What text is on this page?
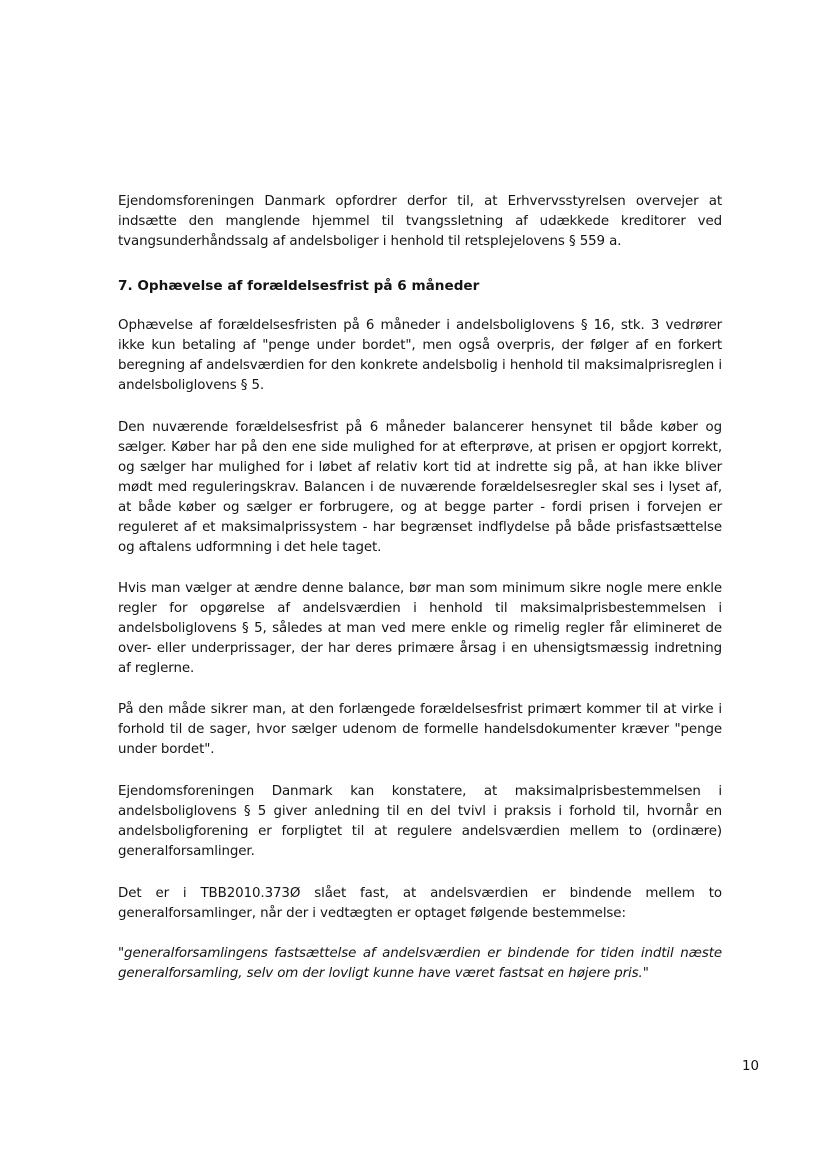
Ejendomsforeningen Danmark opfordrer derfor til, at Erhvervsstyrelsen overvejer at indsætte den manglende hjemmel til tvangssletning af udækkede kreditorer ved tvangsunderhåndssalg af andelsboliger i henhold til retsplejelovens § 559 a.

7. Ophævelse af forældelsesfrist på 6 måneder

Ophævelse af forældelsesfristen på 6 måneder i andelsboliglovens § 16, stk. 3 vedrører ikke kun betaling af "penge under bordet", men også overpris, der følger af en forkert beregning af andelsværdien for den konkrete andelsbolig i henhold til maksimalprisreglen i andelsboliglovens § 5.

Den nuværende forældelsesfrist på 6 måneder balancerer hensynet til både køber og sælger. Køber har på den ene side mulighed for at efterprøve, at prisen er opgjort korrekt, og sælger har mulighed for i løbet af relativ kort tid at indrette sig på, at han ikke bliver mødt med reguleringskrav. Balancen i de nuværende forældelsesregler skal ses i lyset af, at både køber og sælger er forbrugere, og at begge parter - fordi prisen i forvejen er reguleret af et maksimalprissystem - har begrænset indflydelse på både prisfastsættelse og aftalens udformning i det hele taget.

Hvis man vælger at ændre denne balance, bør man som minimum sikre nogle mere enkle regler for opgørelse af andelsværdien i henhold til maksimalprisbestemmelsen i andelsboliglovens § 5, således at man ved mere enkle og rimelig regler får elimineret de over- eller underprissager, der har deres primære årsag i en uhensigtsmæssig indretning af reglerne.

På den måde sikrer man, at den forlængede forældelsesfrist primært kommer til at virke i forhold til de sager, hvor sælger udenom de formelle handelsdokumenter kræver "penge under bordet".

Ejendomsforeningen Danmark kan konstatere, at maksimalprisbestemmelsen i andelsboliglovens § 5 giver anledning til en del tvivl i praksis i forhold til, hvornår en andelsboligforening er forpligtet til at regulere andelsværdien mellem to (ordinære) generalforsamlinger.

Det er i TBB2010.373Ø slået fast, at andelsværdien er bindende mellem to generalforsamlinger, når der i vedtægten er optaget følgende bestemmelse:

"generalforsamlingens fastsættelse af andelsværdien er bindende for tiden indtil næste generalforsamling, selv om der lovligt kunne have været fastsat en højere pris."

10
